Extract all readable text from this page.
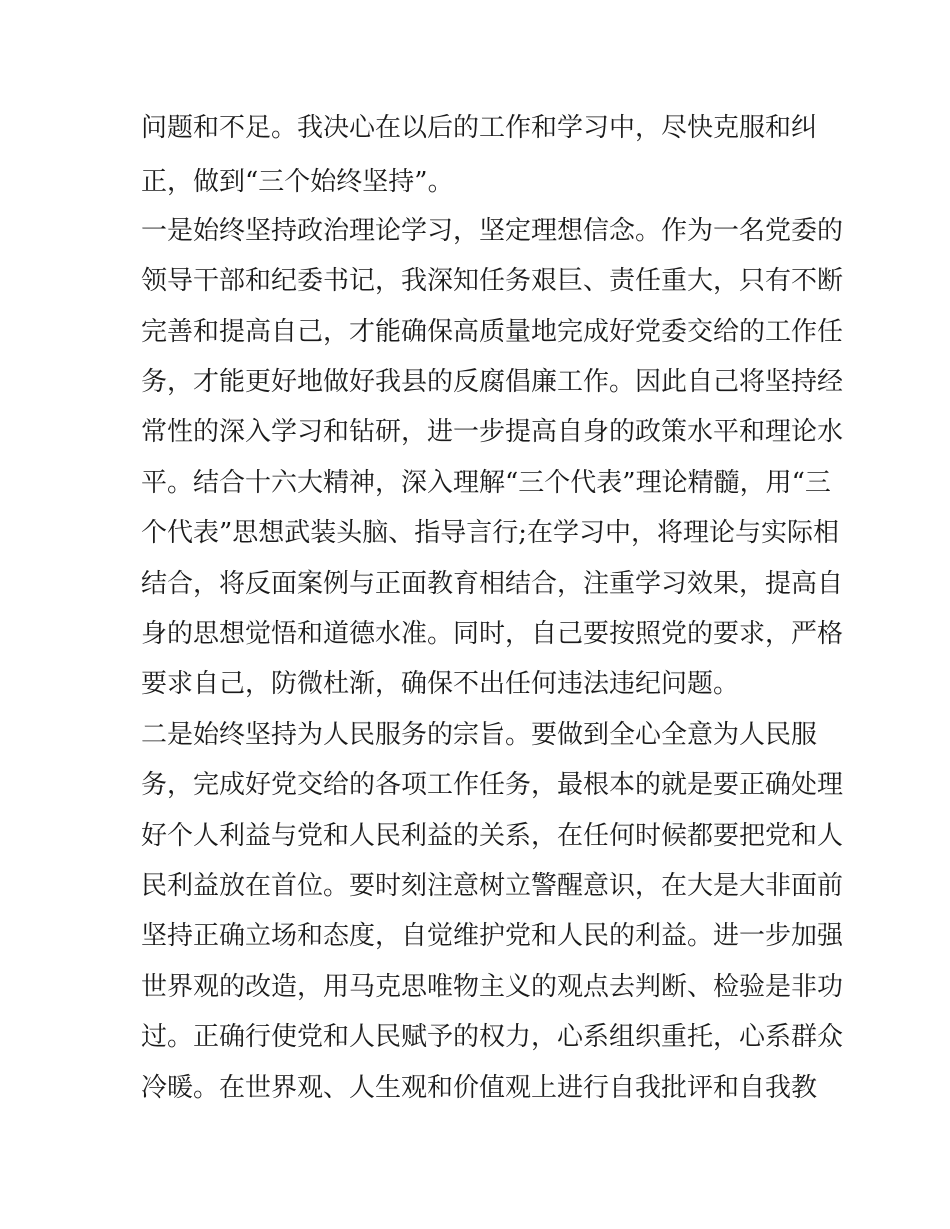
问题和不足。我决心在以后的工作和学习中，尽快克服和纠
正，做到“三个始终坚持”。
一是始终坚持政治理论学习，坚定理想信念。作为一名党委的
领导干部和纪委书记，我深知任务艰巨、责任重大，只有不断
完善和提高自己，才能确保高质量地完成好党委交给的工作任
务，才能更好地做好我县的反腐倡廉工作。因此自己将坚持经
常性的深入学习和钻研，进一步提高自身的政策水平和理论水
平。结合十六大精神，深入理解“三个代表”理论精髓，用“三
个代表”思想武装头脑、指导言行;在学习中，将理论与实际相
结合，将反面案例与正面教育相结合，注重学习效果，提高自
身的思想觉悟和道德水准。同时，自己要按照党的要求，严格
要求自己，防微杜渐，确保不出任何违法违纪问题。
二是始终坚持为人民服务的宗旨。要做到全心全意为人民服
务，完成好党交给的各项工作任务，最根本的就是要正确处理
好个人利益与党和人民利益的关系，在任何时候都要把党和人
民利益放在首位。要时刻注意树立警醒意识，在大是大非面前
坚持正确立场和态度，自觉维护党和人民的利益。进一步加强
世界观的改造，用马克思唯物主义的观点去判断、检验是非功
过。正确行使党和人民赋予的权力，心系组织重托，心系群众
冷暖。在世界观、人生观和价值观上进行自我批评和自我教
